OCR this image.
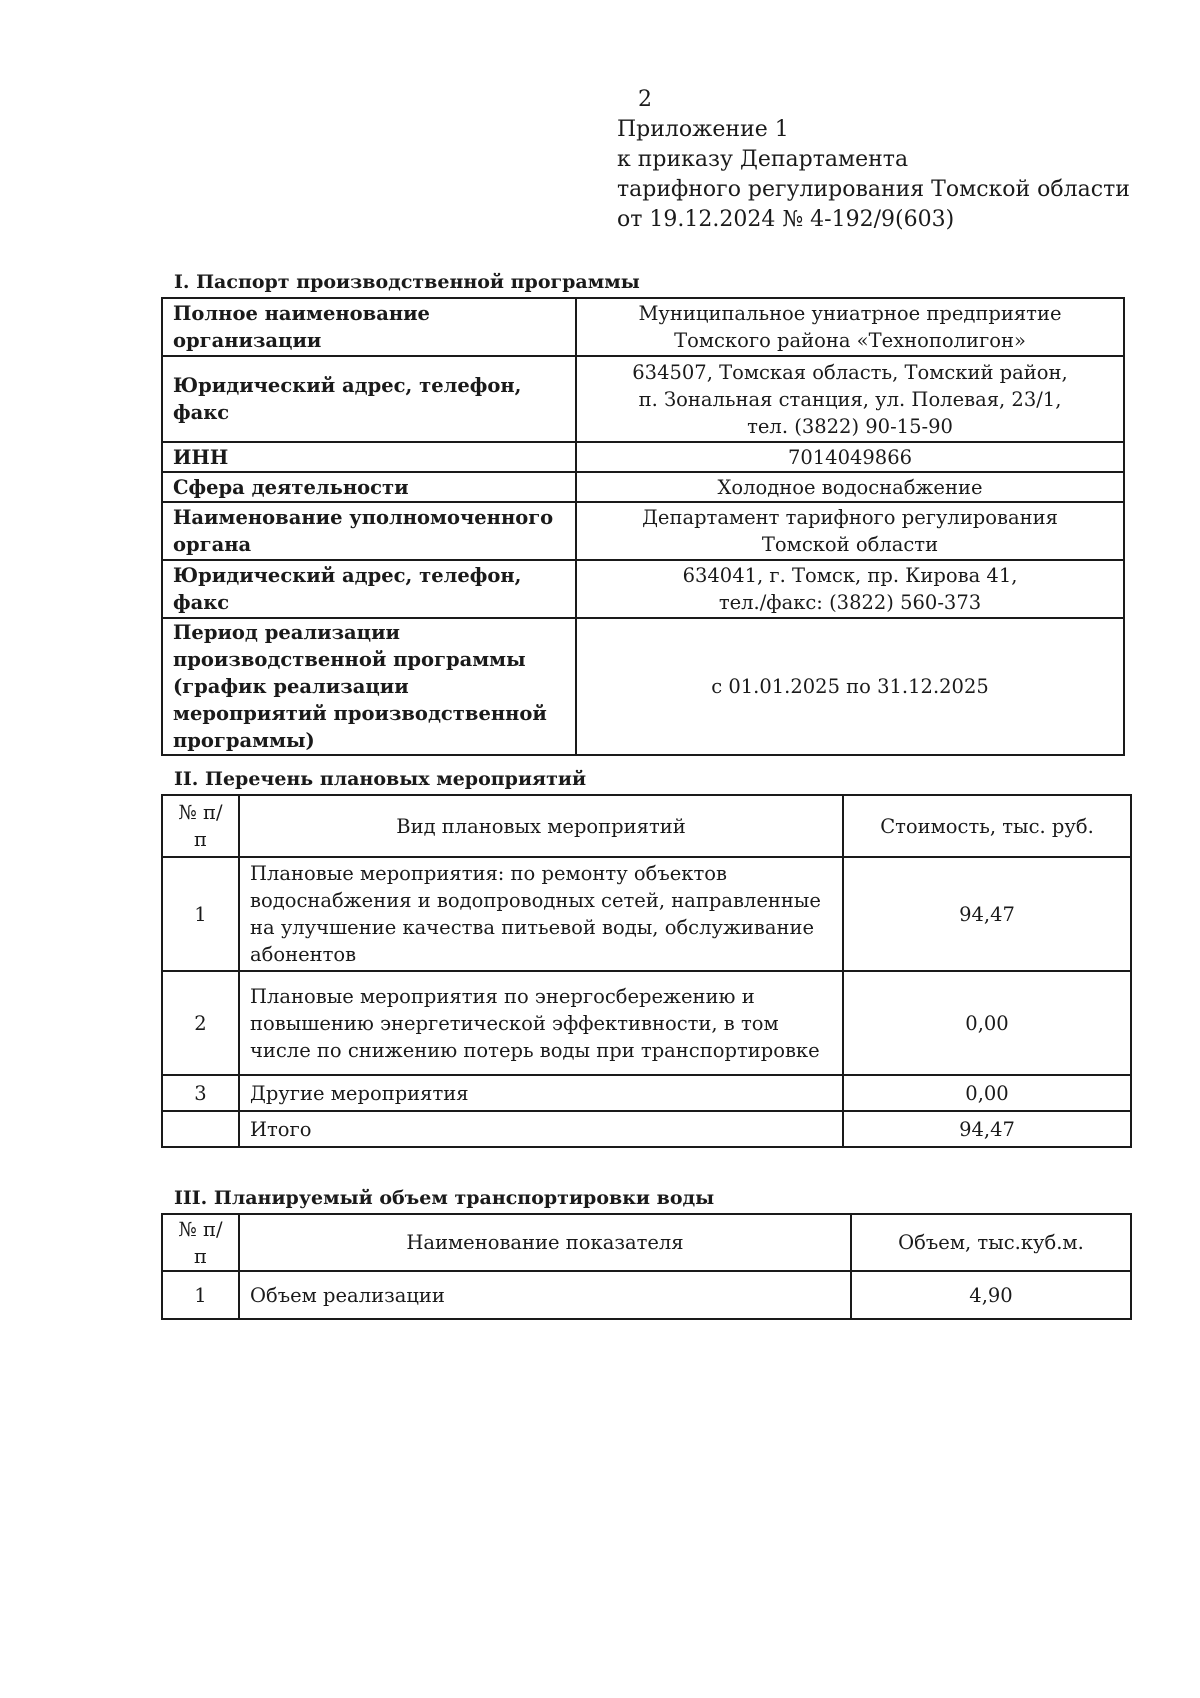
2
Приложение 1
к приказу Департамента
тарифного регулирования Томской области
от 19.12.2024 № 4-192/9(603)
I. Паспорт производственной программы
Полное наименование организации	Муниципальное униатрное предприятие
Томского района «Технополигон»

Юридический адрес, телефон, факс	634507, Томская область, Томский район,
п. Зональная станция, ул. Полевая, 23/1,
тел. (3822) 90-15-90

ИНН	7014049866
Сфера деятельности	Холодное водоснабжение
Наименование уполномоченного органа	Департамент тарифного регулирования
Томской области

Юридический адрес, телефон, факс	634041, г. Томск, пр. Кирова 41,
тел./факс: (3822) 560-373

Период реализации производственной программы (график реализации мероприятий производственной программы)	с 01.01.2025 по 31.12.2025
II. Перечень плановых мероприятий
№ п/п	Вид плановых мероприятий	Стоимость, тыс. руб.
1	Плановые мероприятия: по ремонту объектов водоснабжения и водопроводных сетей, направленные на улучшение качества питьевой воды, обслуживание абонентов	94,47
2	Плановые мероприятия по энергосбережению и повышению энергетической эффективности, в том числе по снижению потерь воды при транспортировке	0,00
3	Другие мероприятия	0,00
	Итого	94,47
III. Планируемый объем транспортировки воды
№ п/п	Наименование показателя	Объем, тыс.куб.м.
1	Объем реализации	4,90
